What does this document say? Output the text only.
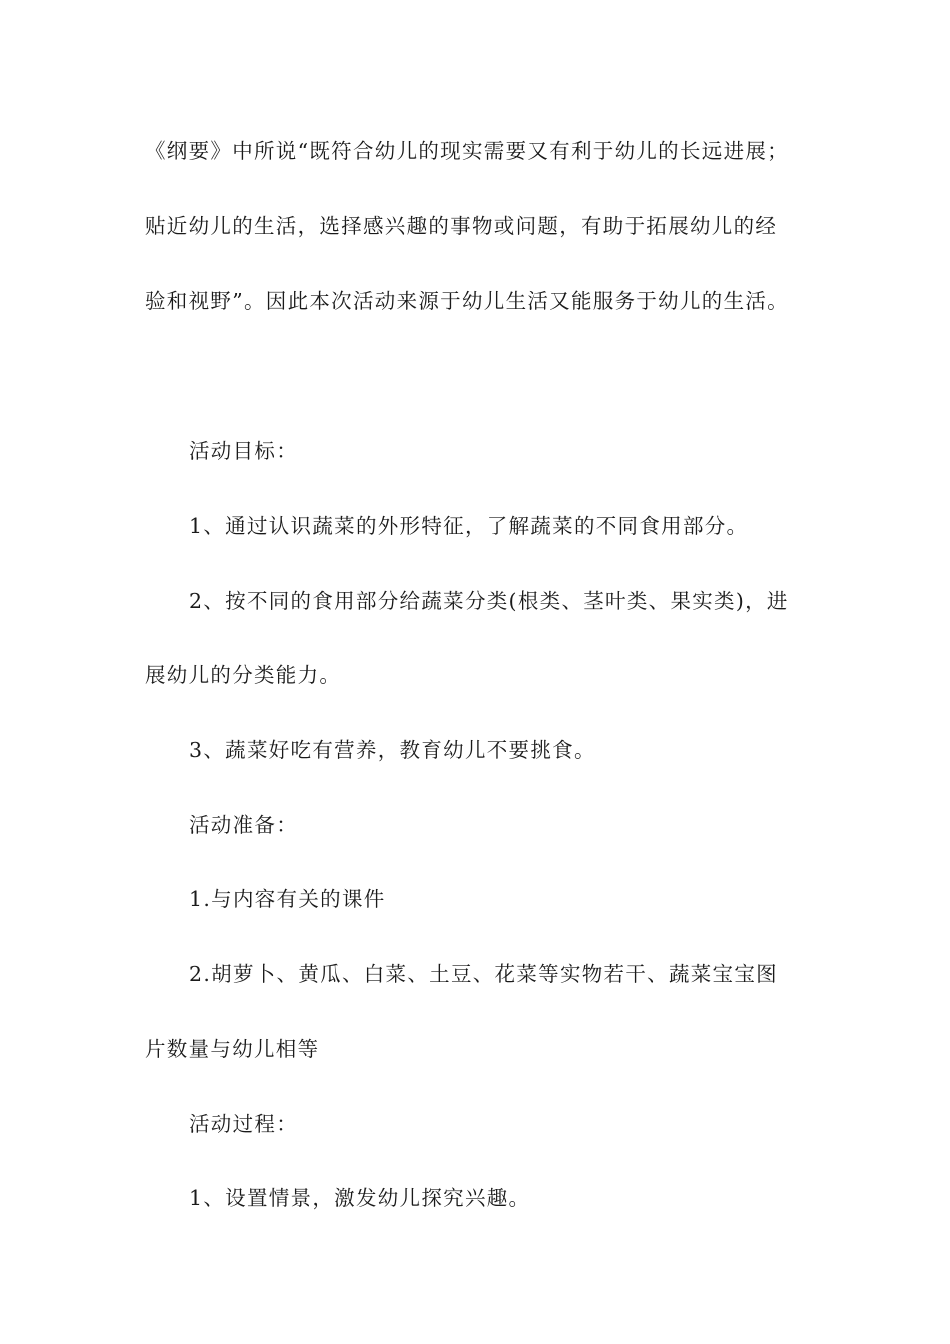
《纲要》中所说“既符合幼儿的现实需要又有利于幼儿的长远进展；
贴近幼儿的生活，选择感兴趣的事物或问题，有助于拓展幼儿的经
验和视野”。因此本次活动来源于幼儿生活又能服务于幼儿的生活。
活动目标：
1、通过认识蔬菜的外形特征，了解蔬菜的不同食用部分。
2、按不同的食用部分给蔬菜分类(根类、茎叶类、果实类)，进
展幼儿的分类能力。
3、蔬菜好吃有营养，教育幼儿不要挑食。
活动准备：
1.与内容有关的课件
2.胡萝卜、黄瓜、白菜、土豆、花菜等实物若干、蔬菜宝宝图
片数量与幼儿相等
活动过程：
1、设置情景，激发幼儿探究兴趣。
